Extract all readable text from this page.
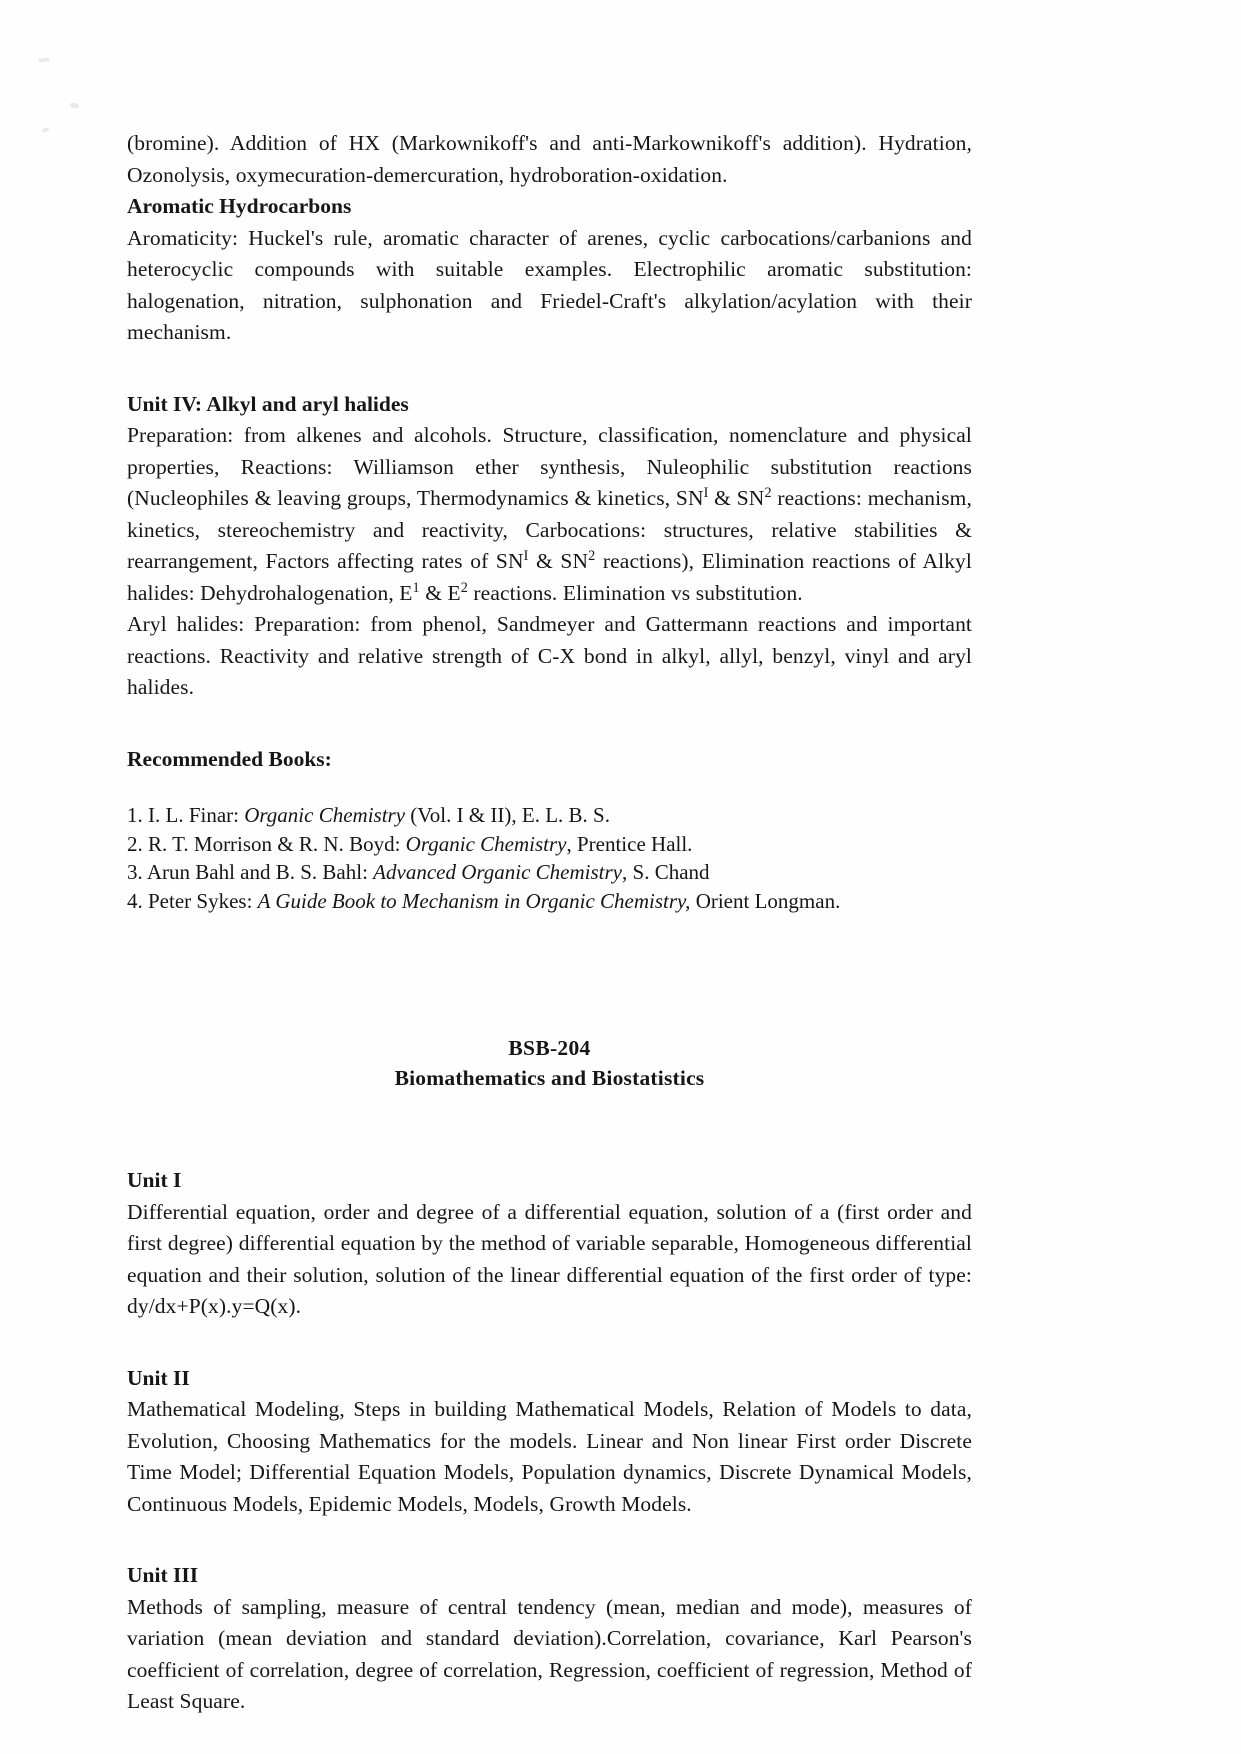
(bromine). Addition of HX (Markownikoff's and anti-Markownikoff's addition). Hydration, Ozonolysis, oxymecuration-demercuration, hydroboration-oxidation.

Aromatic Hydrocarbons

Aromaticity: Huckel's rule, aromatic character of arenes, cyclic carbocations/carbanions and heterocyclic compounds with suitable examples. Electrophilic aromatic substitution: halogenation, nitration, sulphonation and Friedel-Craft's alkylation/acylation with their mechanism.

Unit IV: Alkyl and aryl halides

Preparation: from alkenes and alcohols. Structure, classification, nomenclature and physical properties, Reactions: Williamson ether synthesis, Nuleophilic substitution reactions (Nucleophiles & leaving groups, Thermodynamics & kinetics, $SN^I$ & $SN^2$ reactions: mechanism, kinetics, stereochemistry and reactivity, Carbocations: structures, relative stabilities & rearrangement, Factors affecting rates of $SN^I$ & $SN^2$ reactions), Elimination reactions of Alkyl halides: Dehydrohalogenation, $E^1$ & $E^2$ reactions. Elimination vs substitution.

Aryl halides: Preparation: from phenol, Sandmeyer and Gattermann reactions and important reactions. Reactivity and relative strength of C-X bond in alkyl, allyl, benzyl, vinyl and aryl halides.

Recommended Books:
1. I. L. Finar: Organic Chemistry (Vol. I & II), E. L. B. S.
2. R. T. Morrison & R. N. Boyd: Organic Chemistry, Prentice Hall.
3. Arun Bahl and B. S. Bahl: Advanced Organic Chemistry, S. Chand
4. Peter Sykes: A Guide Book to Mechanism in Organic Chemistry, Orient Longman.
BSB-204
Biomathematics and Biostatistics
Unit I

Differential equation, order and degree of a differential equation, solution of a (first order and first degree) differential equation by the method of variable separable, Homogeneous differential equation and their solution, solution of the linear differential equation of the first order of type: dy/dx+P(x).y=Q(x).

Unit II

Mathematical Modeling, Steps in building Mathematical Models, Relation of Models to data, Evolution, Choosing Mathematics for the models. Linear and Non linear First order Discrete Time Model; Differential Equation Models, Population dynamics, Discrete Dynamical Models, Continuous Models, Epidemic Models, Models, Growth Models.

Unit III

Methods of sampling, measure of central tendency (mean, median and mode), measures of variation (mean deviation and standard deviation).Correlation, covariance, Karl Pearson's coefficient of correlation, degree of correlation, Regression, coefficient of regression, Method of Least Square.
